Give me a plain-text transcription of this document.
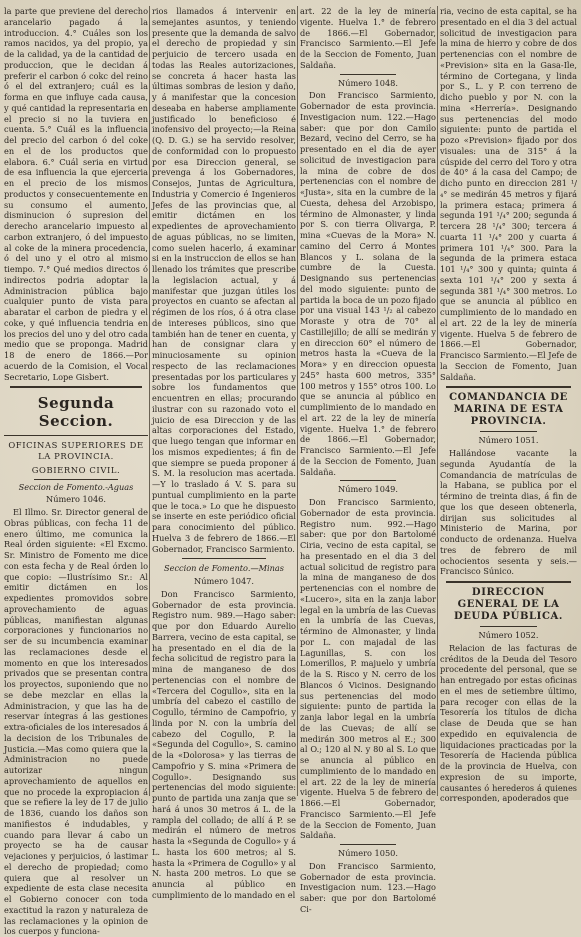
la parte que previene del derecho arancelario pagado á la introduccion. 4.° Cuáles son los ramos nacidos, ya del propio, ya de la calidad, ya de la cantidad de produccion, que le decidan á preferir el carbon ó cokc del reino ó el del extranjero; cuál es la forma en que influye cada causa, y qué cantidad la representaria en el precio si no la tuviera en cuenta. 5.° Cuál es la influencia del precio del carbon ó del coke en el de los productos que elabora. 6.° Cuál seria en virtud de esa influencia la que ejerceria en el precio de los mismos productos y consecuentemente en su consumo el aumento, disminucion ó supresion del derecho arancelario impuesto al carbon extranjero, ó del impuesto al coke de la minera procedencia, ó del uno y el otro al mismo tiempo. 7.° Qué medios directos ó indirectos podria adoptar la Administracion pública bajo cualquier punto de vista para abaratar el carbon de piedra y el coke, y qué influencia tendria en los precios del uno y del otro cada medio que se proponga. Madrid 18 de enero de 1866.—Por acuerdo de la Comision, el Vocal Secretario, Lope Gisbert.

Segunda Seccion.

OFICINAS SUPERIORES DE LA PROVINCIA.

GOBIERNO CIVIL.

Seccion de Fomento.-Aguas

Número 1046.

El Illmo. Sr. Director general de Obras públicas, con fecha 11 de enero último, me comunica la Real órden siguiente: «El Excmo. Sr. Ministro de Fomento me dice con esta fecha y de Real órden lo que copio: —Ilustrísimo Sr.: Al emitir dictámen en los expedientes promovidos sobre aprovechamiento de aguas públicas, manifiestan algunas corporaciones y funcionarios no ser de su incumbencia examinar las reclamaciones desde el momento en que los interesados privados que se presentan contra los proyectos, suponiendo que no se debe mezclar en ellas la Administracion, y que las ha de reservar íntegras á las gestiones extra-oficiales de los interesados á la decision de los Tribunales de Justicia.—Mas como quiera que la Administracion no puede autorizar ningun aprovechamiento de aquellos en que no procede la expropiacion á que se refiere la ley de 17 de julio de 1836, cuando los daños son manifiestos é indudables, y cuando para llevar á cabo un proyecto se ha de causar vejaciones y perjuicios, ó lastimar el derecho de propiedad; como quiera que al resolver un expediente de esta clase necesita el Gobierno conocer con toda exactitud la razon y naturaleza de las reclamaciones y la opinion de los cuerpos y funciona-

rios llamados á intervenir en semejantes asuntos, y teniendo presente que la demanda de salvo el derecho de propiedad y sin perjuicio de tercero usada en todas las Reales autorizaciones, se concreta á hacer hasta las últimas sombras de lesion y daño, y á manifestar que la concesion deseaba en haberse ampliamente justificado lo beneficioso é inofensivo del proyecto;—la Reina (Q. D. G.) se ha servido resolver, de conformidad con lo propuesto por esa Direccion general, se prevenga á los Gobernadores, Consejos, Juntas de Agricultura, Industria y Comercio é Ingenieros Jefes de las provincias que, al emitir dictámen en los expedientes de aprovechamiento de aguas públicas, no se limiten, como suelen hacerlo, á examinar si en la instruccion de ellos se han llenado los trámites que prescribe la legislacion actual, y á manifestar que juzgan útiles los proyectos en cuanto se afectan al régimen de los ríos, ó á otra clase de intereses públicos, sino que también han de tener en cuenta, y han de consignar clara y minuciosamente su opinion respecto de las reclamaciones presentadas por los particulares y sobre los fundamentos que encuentren en ellas; procurando ilustrar con su razonado voto el juicio de esa Direccion y de las altas corporaciones del Estado, que luego tengan que informar en los mismos expedientes; á fin de que siempre se pueda proponer á S. M. la resolucion mas acertada.—Y lo traslado á V. S. para su puntual cumplimiento en la parte que le toca.» Lo que he dispuesto se inserte en este periódico oficial para conocimiento del público. Huelva 3 de febrero de 1866.—El Gobernador, Francisco Sarmiento.

Seccion de Fomento.—Minas

Número 1047.

Don Francisco Sarmiento, Gobernador de esta provincia. Registro num. 989.—Hago saber: que por don Eduardo Aurelio Barrera, vecino de esta capital, se ha presentado en el dia de la fecha solicitud de registro para la mina de manganeso de dos pertenencias con el nombre de «Tercera del Cogullo», sita en la umbría del cabezo el castillo de Cogullo, término de Campofrio, y linda por N. con la umbría del cabezo del Cogullo, P. la «Segunda del Cogullo», S. camino de la «Dolorosa» y las tierras de Campofrio y S. mina «Primera de Cogullo». Designando sus pertenencias del modo siguiente: punto de partida una zanja que se hará á unos 30 metros á L. de la rampla del collado; de allí á P. se medirán el número de metros hasta la «Segunda de Cogullo» y á L. hasta los 600 metros; al S. hasta la «Primera de Cogullo» y al N. hasta 200 metros. Lo que se anuncia al público en cumplimiento de lo mandado en el

art. 22 de la ley de minería vigente. Huelva 1.° de febrero de 1866.—El Gobernador, Francisco Sarmiento.—El Jefe de la Seccion de Fomento, Juan Saldaña.

Número 1048.

Don Francisco Sarmiento, Gobernador de esta provincia. Investigacion num. 122.—Hago saber: que por don Camilo Bezard, vecino del Cerro, se ha presentado en el dia de ayer solicitud de investigacion para la mina de cobre de dos pertenencias con el nombre de «Justa», sita en la cumbre de la Cuesta, dehesa del Arzobispo, término de Almonaster, y linda por S. con tierra Olivarga, P. mina «Cuevas de la Mora» N. camino del Cerro á Montes Blancos y L. solana de la cumbre de la Cuesta. Designando sus pertenencias del modo siguiente: punto de partida la boca de un pozo fijado por una visual 143 ¹/₂ al cabezo Moraste y otra de 70° al Castillejillo; de allí se medirán y en direccion 60° el número de metros hasta la «Cueva de la Mora» y en direccion opuesta 245° hasta 600 metros, 335° 100 metros y 155° otros 100. Lo que se anuncia al público en cumplimiento de lo mandado en el art. 22 de la ley de minería vigente. Huelva 1.° de febrero de 1866.—El Gobernador, Francisco Sarmiento.—El Jefe de la Seccion de Fomento, Juan Saldaña.

Número 1049.

Don Francisco Sarmiento, Gobernador de esta provincia. Registro num. 992.—Hago saber: que por don Bartolomé Ciria, vecino de esta capital, se ha presentado en el dia 3 del actual solicitud de registro para la mina de manganeso de dos pertenencias con el nombre de «Lucero», sita en la zanja labor legal en la umbría de las Cuevas en la umbría de las Cuevas, término de Almonaster, y linda por L. con majadal de las Lagunillas, S. con los Lomerillos, P. majuelo y umbría de la S. Risco y N. cerro de los Blancos ó Vicinos. Designando sus pertenencias del modo siguiente: punto de partida la zanja labor legal en la umbría de las Cuevas; de allí se medirán 300 metros al E.; 300 al O.; 120 al N. y 80 al S. Lo que se anuncia al público en cumplimiento de lo mandado en el art. 22 de la ley de minería vigente. Huelva 5 de febrero de 1866.—El Gobernador, Francisco Sarmiento.—El Jefe de la Seccion de Fomento, Juan Saldaña.

Número 1050.

Don Francisco Sarmiento, Gobernador de esta provincia. Investigacion num. 123.—Hago saber: que por don Bartolomé Ci-

ria, vecino de esta capital, se ha presentado en el dia 3 del actual solicitud de investigacion para la mina de hierro y cobre de dos pertenencias con el nombre de «Prevision» sita en la Gasa-Ile, término de Cortegana, y linda por S., L. y P. con terreno de dicho pueblo y por N. con la mina «Herrería». Designando sus pertenencias del modo siguiente: punto de partida el pozo «Prevision» fijado por dos visuales: una de 315° á la cúspide del cerro del Toro y otra de 40° á la casa del Campo; de dicho punto en direccion 281 ¹/₄° se medirán 45 metros y fijará la primera estaca; primera á segunda 191 ¹/₄° 200; segunda á tercera 28 ¹/₄° 300; tercera á cuarta 11 ¹/₄° 200 y cuarta á primera 101 ¹/₄° 300. Para la segunda de la primera estaca 101 ¹/₄° 300 y quinta; quinta á sexta 101 ¹/₄° 200 y sexta á segunda 381 ¹/₄° 300 metros. Lo que se anuncia al público en cumplimiento de lo mandado en el art. 22 de la ley de minería vigente. Huelva 5 de febrero de 1866.—El Gobernador, Francisco Sarmiento.—El Jefe de la Seccion de Fomento, Juan Saldaña.

COMANDANCIA DE MARINA DE ESTA PROVINCIA.

Número 1051.

Hallándose vacante la segunda Ayudantía de la Comandancia de matrículas de la Habana, se publica por el término de treinta dias, á fin de que los que deseen obtenerla, dirijan sus solicitudes al Ministerio de Marina, por conducto de ordenanza. Huelva tres de febrero de mil ochocientos sesenta y seis.—Francisco Súnico.

DIRECCION GENERAL DE LA DEUDA PÚBLICA.

Número 1052.

Relacion de las facturas de créditos de la Deuda del Tesoro procedente del personal, que se han entregado por estas oficinas en el mes de setiembre último, para recoger con ellas de la Tesorería los títulos de dicha clase de Deuda que se han expedido en equivalencia de liquidaciones practicadas por la Tesorería de Hacienda pública de la provincia de Huelva, con expresion de su importe, causantes ó herederos á quienes corresponden, apoderados que
